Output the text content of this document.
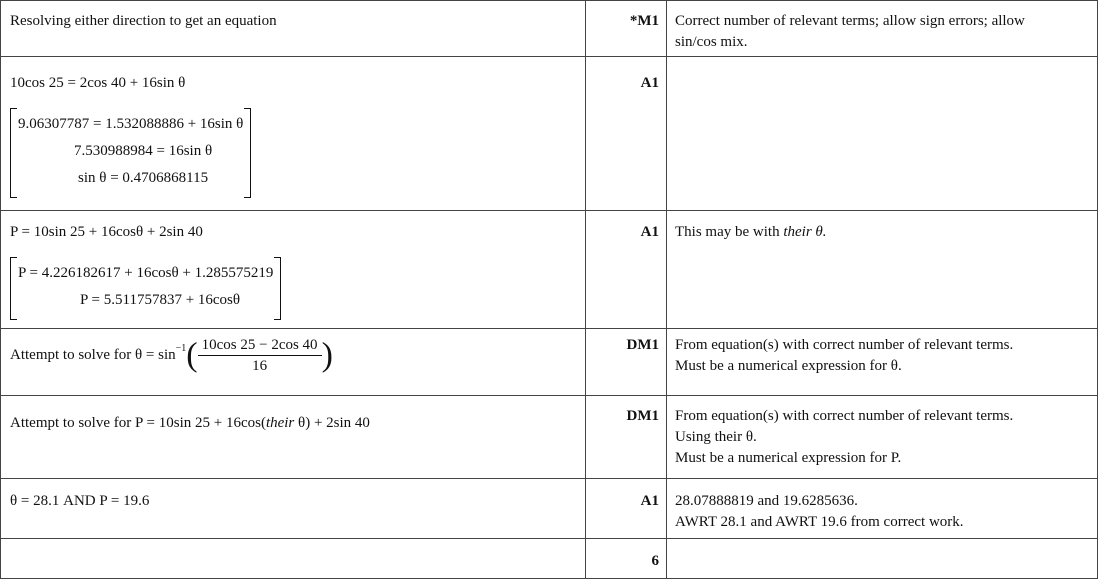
Resolving either direction to get an equation	*M1	Correct number of relevant terms; allow sign errors; allow
sin/cos mix.

10cos 25 = 2cos 40 + 16sin θ

9.06307787 = 1.532088886 + 16sin θ
7.530988984 = 16sin θ
sin θ = 0.4706868115	A1	
P = 10sin 25 + 16cosθ + 2sin 40

P = 4.226182617 + 16cosθ + 1.285575219
P = 5.511757837 + 16cosθ	A1	This may be with their θ.
Attempt to solve for $\theta = \sin^{-1}( \frac{10\cos 25 - 2\cos 40}{16}$ )	DM1	From equation(s) with correct number of relevant terms.
Must be a numerical expression for θ.

Attempt to solve for P = 10sin 25 + 16cos(their θ) + 2sin 40	DM1	From equation(s) with correct number of relevant terms.
Using their θ.
Must be a numerical expression for P.

θ = 28.1 AND P = 19.6	A1	28.07888819 and 19.6285636.
AWRT 28.1 and AWRT 19.6 from correct work.

	6	
